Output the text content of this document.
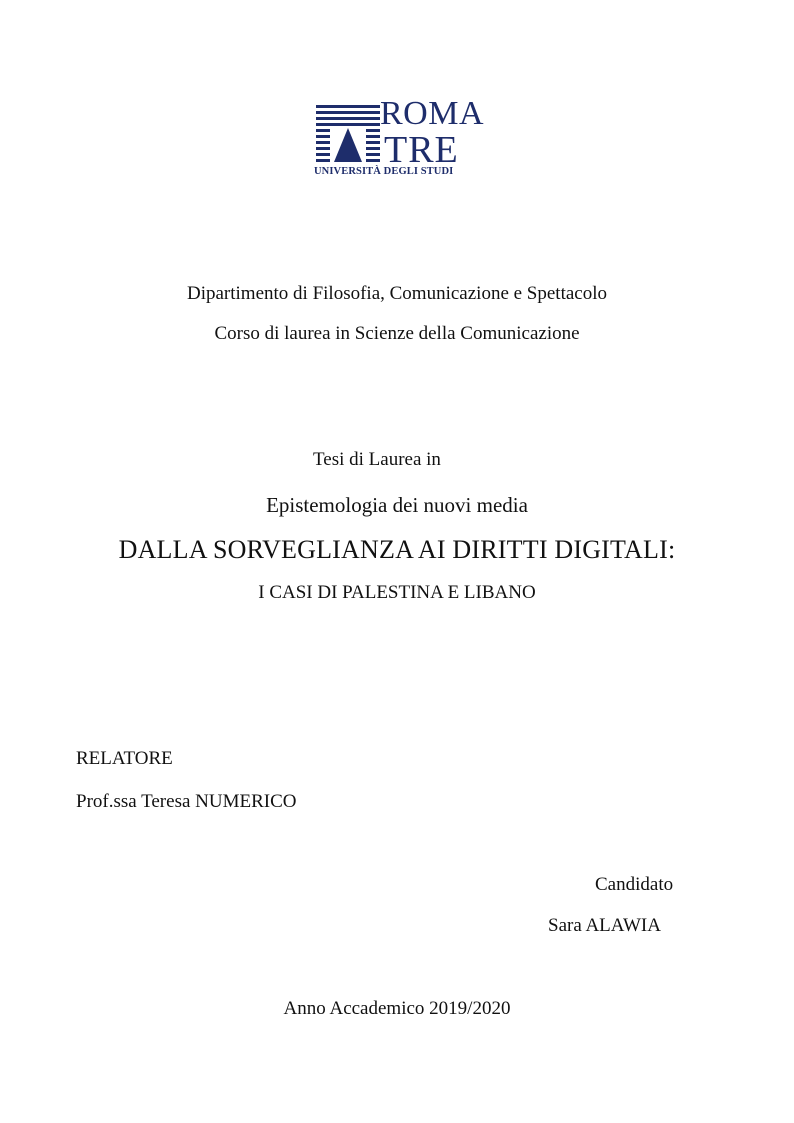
ROMA
TRE
UNIVERSITÀ DEGLI STUDI
Dipartimento di Filosofia, Comunicazione e Spettacolo
Corso di laurea in Scienze della Comunicazione
Tesi di Laurea in
Epistemologia dei nuovi media
DALLA SORVEGLIANZA AI DIRITTI DIGITALI:
I CASI DI PALESTINA E LIBANO
RELATORE
Prof.ssa Teresa NUMERICO
Candidato
Sara ALAWIA
Anno Accademico 2019/2020
